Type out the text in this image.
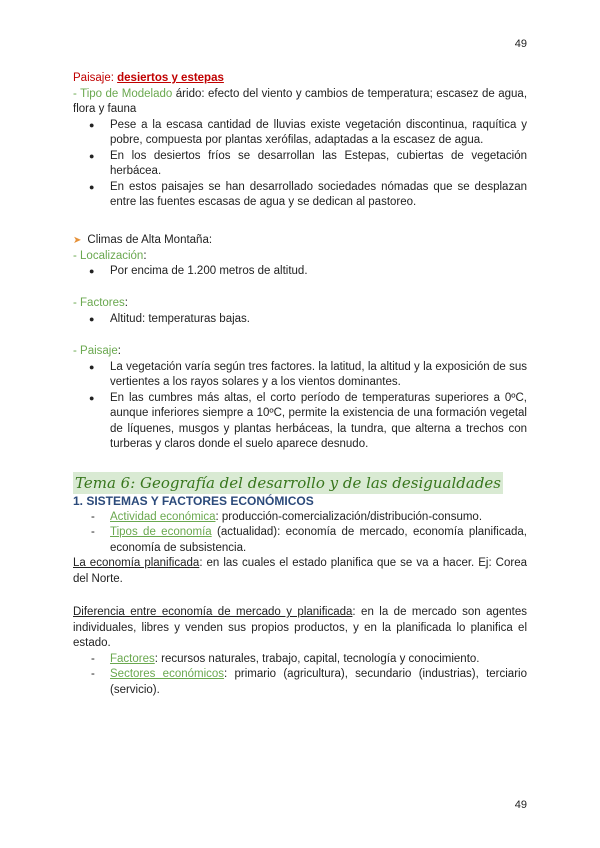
49
Paisaje: desiertos y estepas
- Tipo de Modelado árido: efecto del viento y cambios de temperatura; escasez de agua, flora y fauna
● Pese a la escasa cantidad de lluvias existe vegetación discontinua, raquítica y pobre, compuesta por plantas xerófilas, adaptadas a la escasez de agua.
● En los desiertos fríos se desarrollan las Estepas, cubiertas de vegetación herbácea.
● En estos paisajes se han desarrollado sociedades nómadas que se desplazan entre las fuentes escasas de agua y se dedican al pastoreo.
➤ Climas de Alta Montaña:
- Localización:
● Por encima de 1.200 metros de altitud.
- Factores:
● Altitud: temperaturas bajas.
- Paisaje:
● La vegetación varía según tres factores. la latitud, la altitud y la exposición de sus vertientes a los rayos solares y a los vientos dominantes.
● En las cumbres más altas, el corto período de temperaturas superiores a 0ºC, aunque inferiores siempre a 10ºC, permite la existencia de una formación vegetal de líquenes, musgos y plantas herbáceas, la tundra, que alterna a trechos con turberas y claros donde el suelo aparece desnudo.
Tema 6: Geografía del desarrollo y de las desigualdades
1. SISTEMAS Y FACTORES ECONÓMICOS
- Actividad económica: producción-comercialización/distribución-consumo.
- Tipos de economía (actualidad): economía de mercado, economía planificada, economía de subsistencia.
La economía planificada: en las cuales el estado planifica que se va a hacer. Ej: Corea del Norte.
Diferencia entre economía de mercado y planificada: en la de mercado son agentes individuales, libres y venden sus propios productos, y en la planificada lo planifica el estado.
- Factores: recursos naturales, trabajo, capital, tecnología y conocimiento.
- Sectores económicos: primario (agricultura), secundario (industrias), terciario (servicio).
49
